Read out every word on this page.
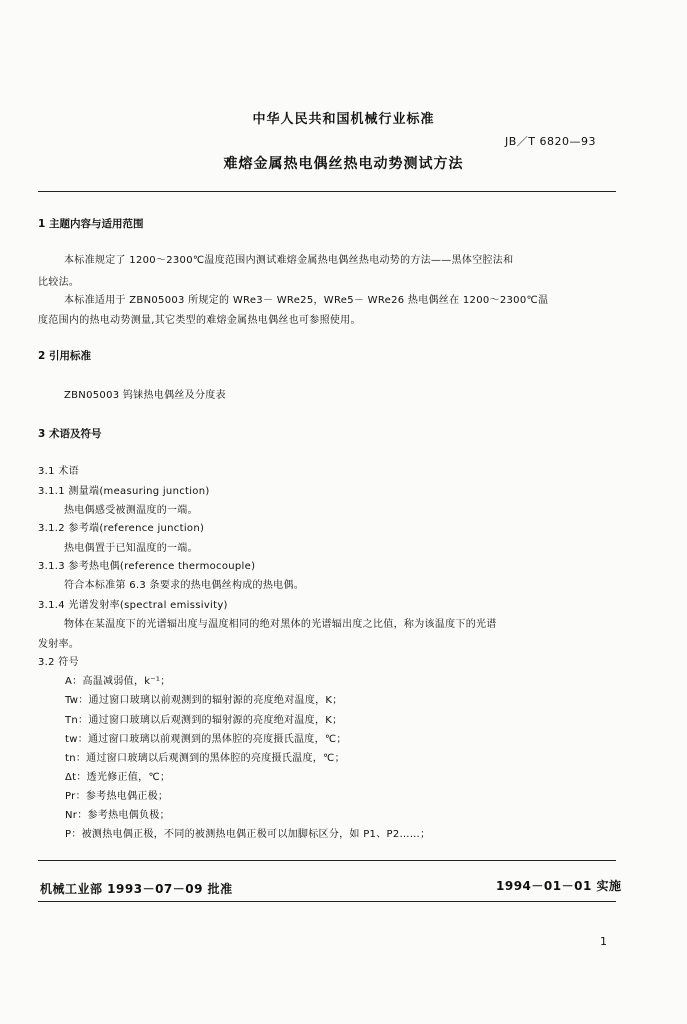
中华人民共和国机械行业标准
JB／T 6820—93
难熔金属热电偶丝热电动势测试方法
1 主题内容与适用范围
本标准规定了 1200～2300℃温度范围内测试难熔金属热电偶丝热电动势的方法——黑体空腔法和
比较法。
本标准适用于 ZBN05003 所规定的 WRe3－ WRe25，WRe5－ WRe26 热电偶丝在 1200～2300℃温
度范围内的热电动势测量,其它类型的难熔金属热电偶丝也可参照使用。
2 引用标准
ZBN05003 钨铼热电偶丝及分度表
3 术语及符号
3.1 术语
3.1.1 测量端(measuring junction)
热电偶感受被测温度的一端。
3.1.2 参考端(reference junction)
热电偶置于已知温度的一端。
3.1.3 参考热电偶(reference thermocouple)
符合本标准第 6.3 条要求的热电偶丝构成的热电偶。
3.1.4 光谱发射率(spectral emissivity)
物体在某温度下的光谱辐出度与温度相同的绝对黑体的光谱辐出度之比值，称为该温度下的光谱
发射率。
3.2 符号
A：高温减弱值，k⁻¹；
Tw：通过窗口玻璃以前观测到的辐射源的亮度绝对温度，K；
Tn：通过窗口玻璃以后观测到的辐射源的亮度绝对温度，K；
tw：通过窗口玻璃以前观测到的黑体腔的亮度摄氏温度，℃；
tn：通过窗口玻璃以后观测到的黑体腔的亮度摄氏温度，℃；
Δt：透光修正值，℃；
Pr：参考热电偶正极；
Nr：参考热电偶负极；
P：被测热电偶正极，不同的被测热电偶正极可以加脚标区分，如 P1、P2……；
机械工业部 1993－07－09 批准	1994－01－01 实施
1
